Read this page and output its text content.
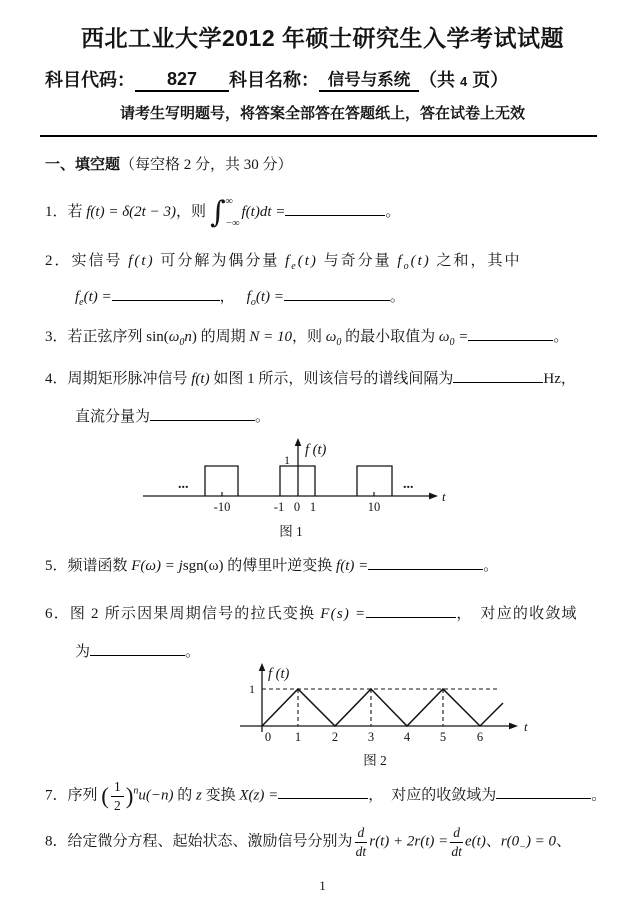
西北工业大学2012 年硕士研究生入学考试试题
科目代码： 827 科目名称： 信号与系统 （共 4 页）
请考生写明题号，将答案全部答在答题纸上，答在试卷上无效
一、填空题（每空格 2 分，共 30 分）
1．若 f(t) = δ(2t − 3)，则 ∫ ∞
−∞
f(t)dt =	。
2．实信号 f(t) 可分解为偶分量 $f_e(t)$ 与奇分量 $f_o(t)$ 之和，其中
$f_e(t)$ =	， $f_o(t)$ =	。
3．若正弦序列 $\sin(\omega_0n)$ 的周期 N = 10，则 $\omega_0$ 的最小取值为 $\omega_0$ =	。
4．周期矩形脉冲信号 f(t) 如图 1 所示，则该信号的谱线间隔为	Hz，
直流分量为	。
1
f (t)
...	...
-10	-1 0 1	10
t
图 1
5．频谱函数 F(ω) = jsgn(ω) 的傅里叶逆变换 f(t) =	。
6．图 2 所示因果周期信号的拉氏变换 F(s) =	， 对应的收敛域
为	。
1
f (t)
0 1 2 3 4 5 6
t
图 2
7．序列 ( $\frac{1}{2} )^nu(-n)$ 的 z 变换 X(z) =	， 对应的收敛域为	。
8．给定微分方程、起始状态、激励信号分别为 $\frac{d}{dt} r(t) + 2r(t) = \frac{d}{dt} e(t)$、$r(0_-) = 0$、
1
